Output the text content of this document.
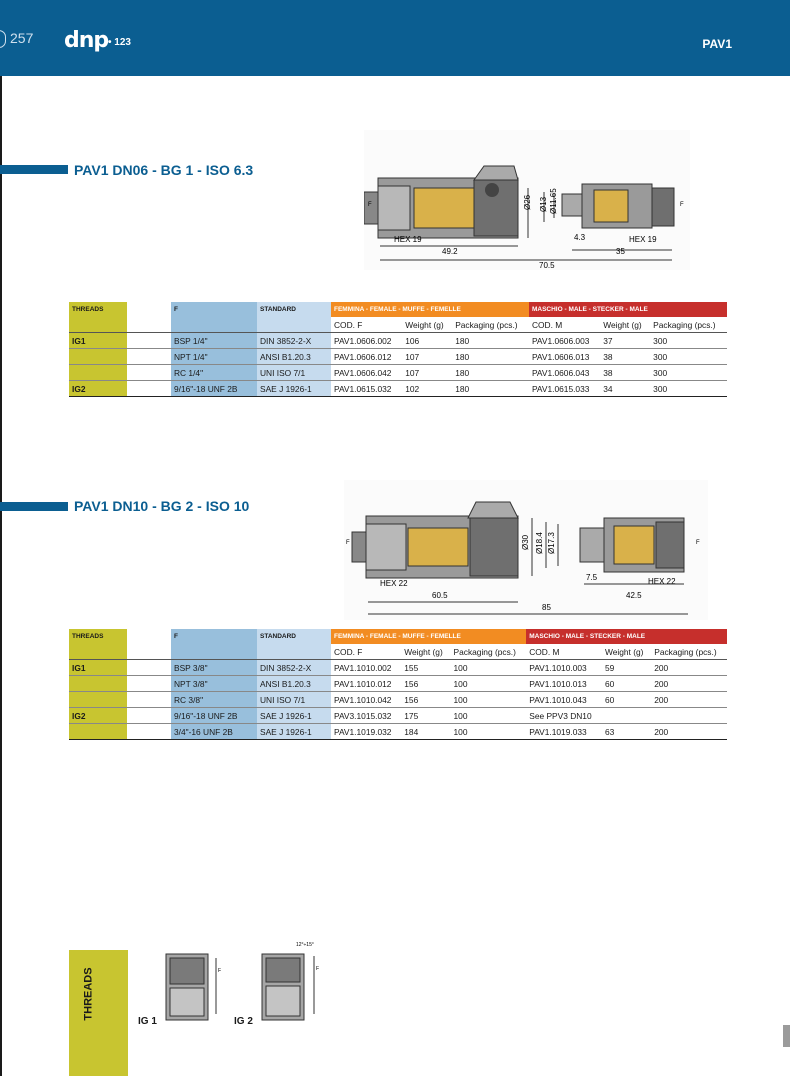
257 dnp • 123	PAV1
PAV1 DN06 - BG 1 - ISO 6.3
HEX 19	HEX 19
49.2
70.5
35
4.3
Ø26 Ø13 Ø11.65
F	F
THREADS		F	STANDARD	FEMMINA - FEMALE - MUFFE - FEMELLE			MASCHIO - MALE - STECKER - MALE		
				COD. F	Weight (g)	Packaging (pcs.)	COD. M	Weight (g)	Packaging (pcs.)
IG1		BSP 1/4"	DIN 3852-2-X	PAV1.0606.002	106	180	PAV1.0606.003	37	300
		NPT 1/4"	ANSI B1.20.3	PAV1.0606.012	107	180	PAV1.0606.013	38	300
		RC 1/4"	UNI ISO 7/1	PAV1.0606.042	107	180	PAV1.0606.043	38	300
IG2		9/16"-18 UNF 2B	SAE J 1926-1	PAV1.0615.032	102	180	PAV1.0615.033	34	300
PAV1 DN10 - BG 2 - ISO 10
HEX 22	HEX 22
60.5
85
42.5
7.5
Ø30 Ø18.4 Ø17.3
F	F
THREADS		F	STANDARD	FEMMINA - FEMALE - MUFFE - FEMELLE			MASCHIO - MALE - STECKER - MALE		
				COD. F	Weight (g)	Packaging (pcs.)	COD. M	Weight (g)	Packaging (pcs.)
IG1		BSP 3/8"	DIN 3852-2-X	PAV1.1010.002	155	100	PAV1.1010.003	59	200
		NPT 3/8"	ANSI B1.20.3	PAV1.1010.012	156	100	PAV1.1010.013	60	200
		RC 3/8"	UNI ISO 7/1	PAV1.1010.042	156	100	PAV1.1010.043	60	200
IG2		9/16"-18 UNF 2B	SAE J 1926-1	PAV3.1015.032	175	100	See PPV3 DN10		
		3/4"-16 UNF 2B	SAE J 1926-1	PAV1.1019.032	184	100	PAV1.1019.033	63	200
THREADS	F
IG 1
12°÷15°
F
IG 2
